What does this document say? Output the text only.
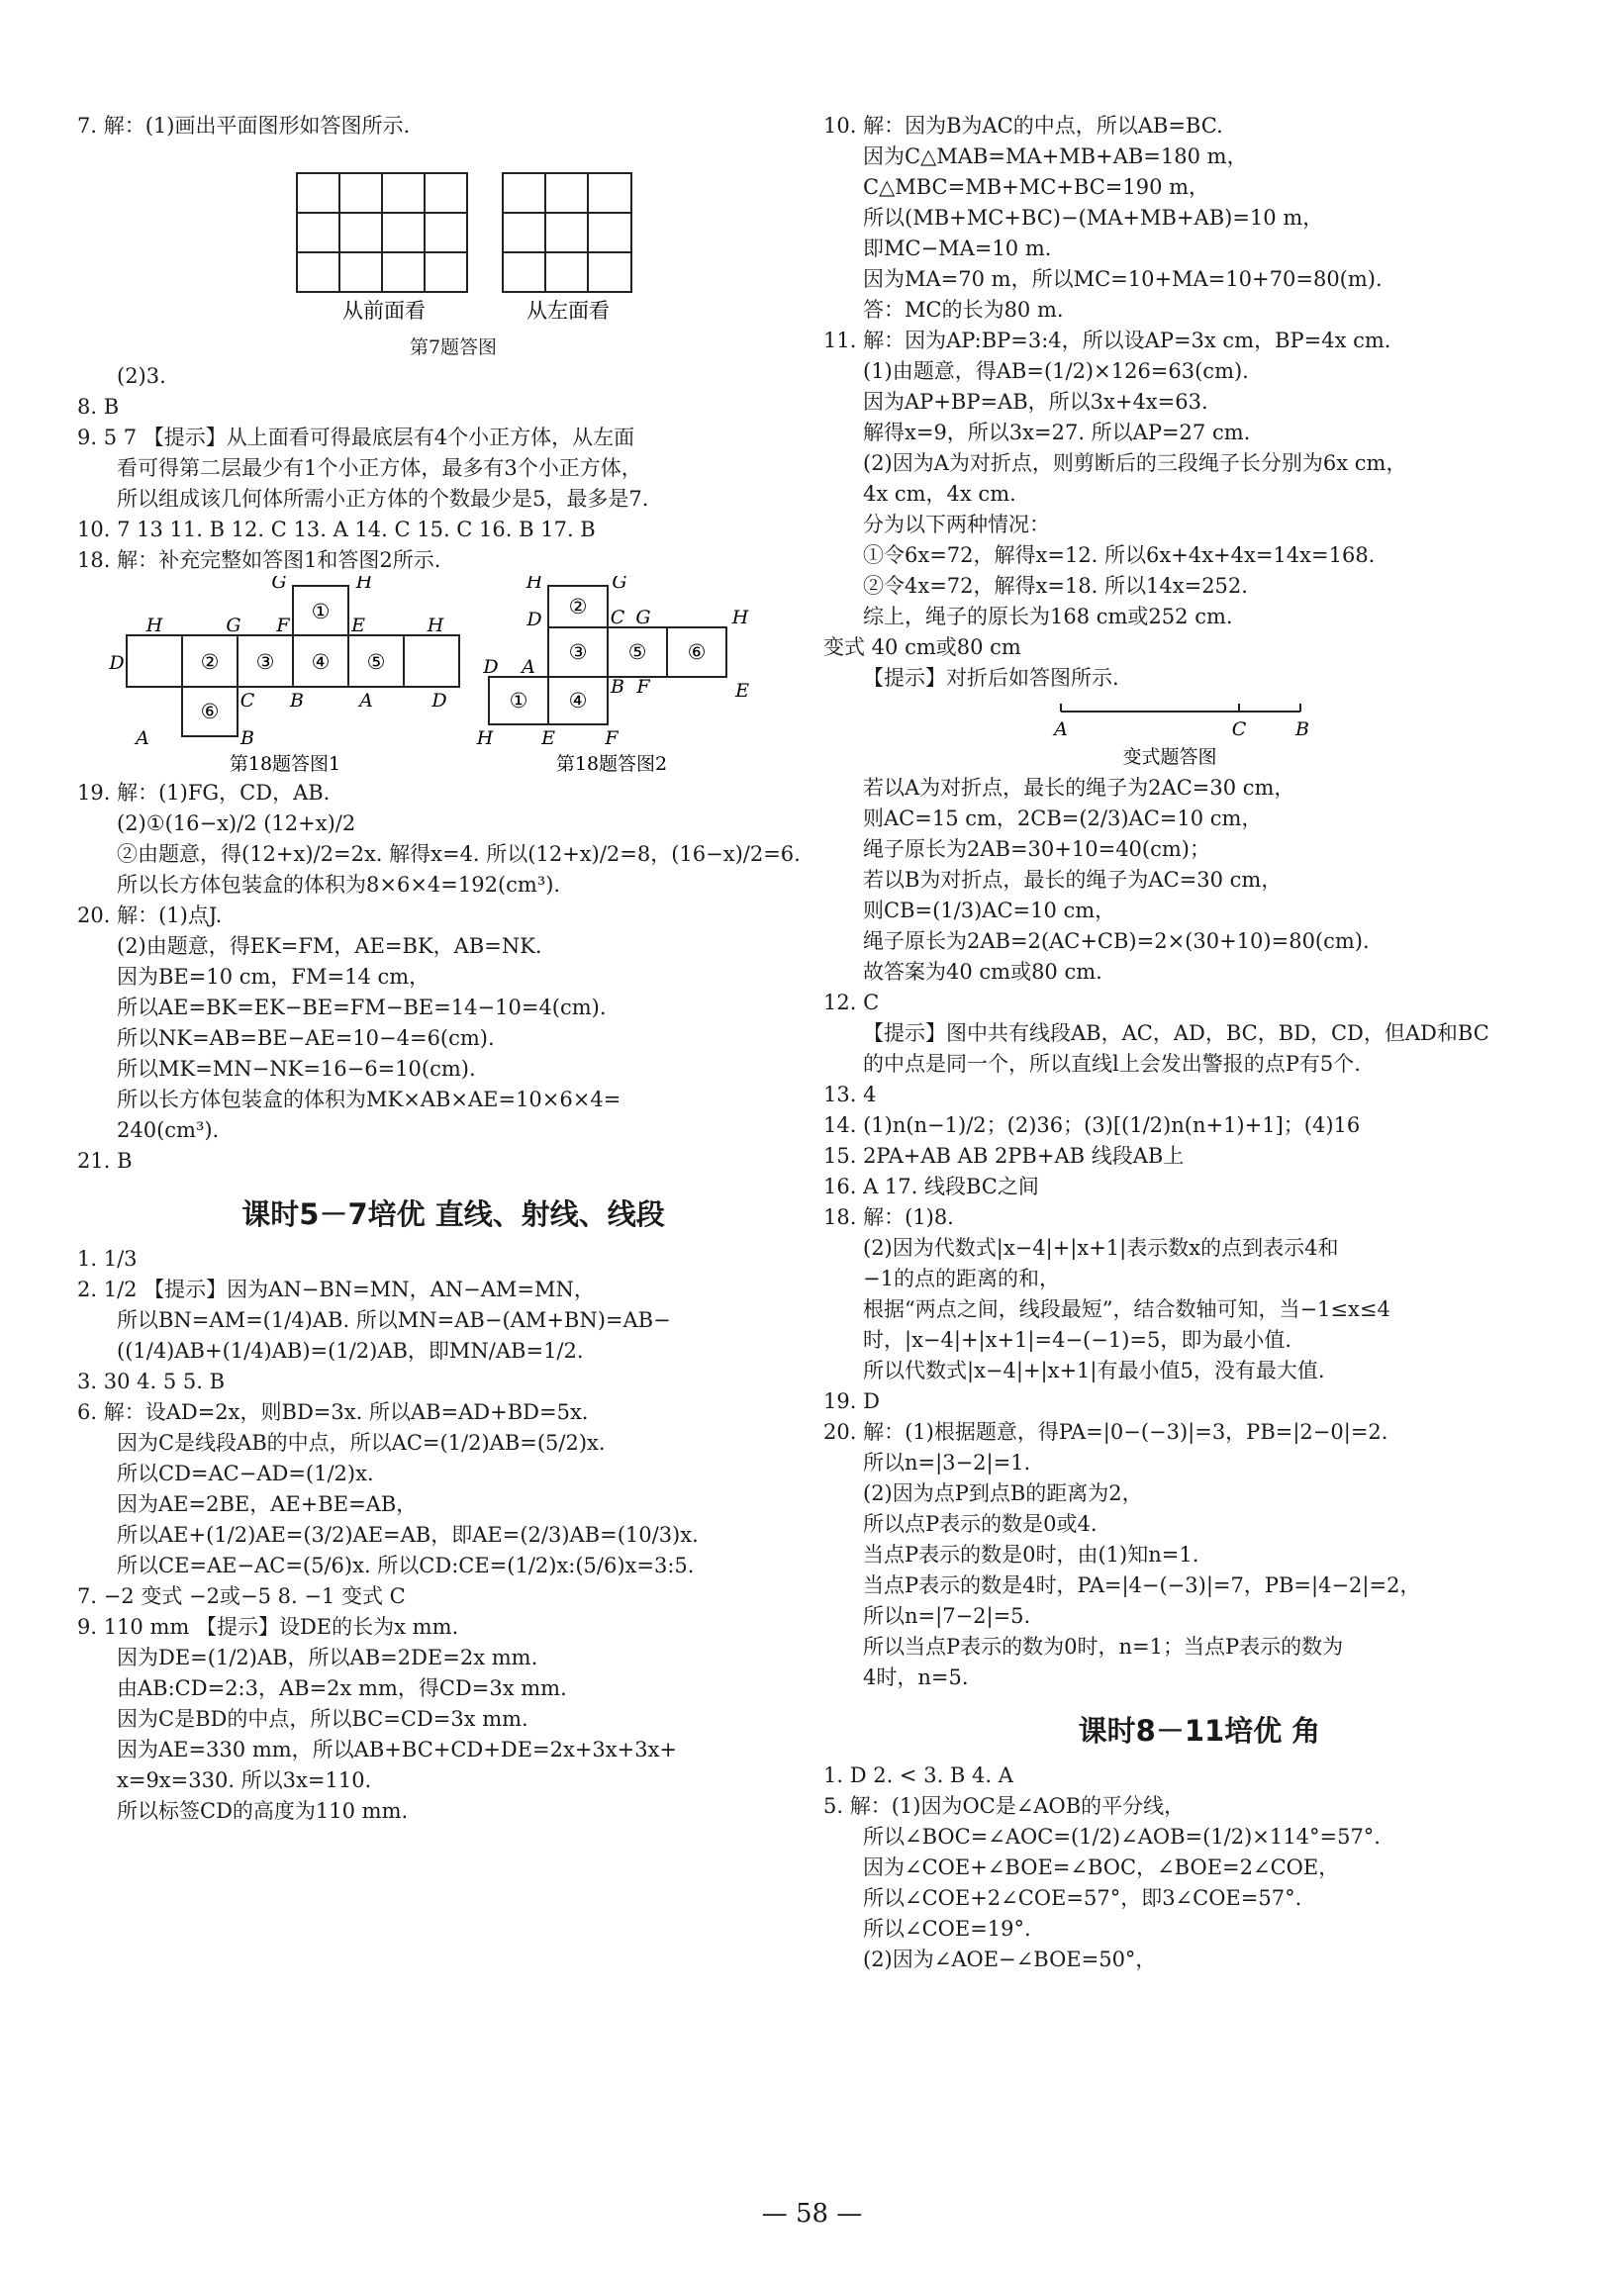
7. 解：(1)画出平面图形如答图所示.
从前面看	从左面看
第7题答图
(2)3.
8. B
9. 5 7 【提示】从上面看可得最底层有4个小正方体，从左面
看可得第二层最少有1个小正方体，最多有3个小正方体，
所以组成该几何体所需小正方体的个数最少是5，最多是7.
10. 7 13 11. B 12. C 13. A 14. C 15. C 16. B 17. B
18. 解：补充完整如答图1和答图2所示.
①
② ③ ④ ⑤
⑥
G	H
H	G F	E	H
D
C B	A	D
A	B
②
③ ⑤ ⑥
① ④
H	G
D	C G	H
D A
B F	E
H	E	F
第18题答图1	第18题答图2
19. 解：(1)FG，CD，AB.
(2)①(16−x)/2 (12+x)/2
②由题意，得(12+x)/2=2x. 解得x=4. 所以(12+x)/2=8，(16−x)/2=6.
所以长方体包装盒的体积为8×6×4=192(cm³).
20. 解：(1)点J.
(2)由题意，得EK=FM，AE=BK，AB=NK.
因为BE=10 cm，FM=14 cm，
所以AE=BK=EK−BE=FM−BE=14−10=4(cm).
所以NK=AB=BE−AE=10−4=6(cm).
所以MK=MN−NK=16−6=10(cm).
所以长方体包装盒的体积为MK×AB×AE=10×6×4=
240(cm³).
21. B
课时5－7培优 直线、射线、线段
1. 1/3
2. 1/2 【提示】因为AN−BN=MN，AN−AM=MN，
所以BN=AM=(1/4)AB. 所以MN=AB−(AM+BN)=AB−
((1/4)AB+(1/4)AB)=(1/2)AB，即MN/AB=1/2.
3. 30 4. 5 5. B
6. 解：设AD=2x，则BD=3x. 所以AB=AD+BD=5x.
因为C是线段AB的中点，所以AC=(1/2)AB=(5/2)x.
所以CD=AC−AD=(1/2)x.
因为AE=2BE，AE+BE=AB，
所以AE+(1/2)AE=(3/2)AE=AB，即AE=(2/3)AB=(10/3)x.
所以CE=AE−AC=(5/6)x. 所以CD:CE=(1/2)x:(5/6)x=3:5.
7. −2 变式 −2或−5 8. −1 变式 C
9. 110 mm 【提示】设DE的长为x mm.
因为DE=(1/2)AB，所以AB=2DE=2x mm.
由AB:CD=2:3，AB=2x mm，得CD=3x mm.
因为C是BD的中点，所以BC=CD=3x mm.
因为AE=330 mm，所以AB+BC+CD+DE=2x+3x+3x+
x=9x=330. 所以3x=110.
所以标签CD的高度为110 mm.
10. 解：因为B为AC的中点，所以AB=BC.
因为C△MAB=MA+MB+AB=180 m，
C△MBC=MB+MC+BC=190 m，
所以(MB+MC+BC)−(MA+MB+AB)=10 m，
即MC−MA=10 m.
因为MA=70 m，所以MC=10+MA=10+70=80(m).
答：MC的长为80 m.
11. 解：因为AP:BP=3:4，所以设AP=3x cm，BP=4x cm.
(1)由题意，得AB=(1/2)×126=63(cm).
因为AP+BP=AB，所以3x+4x=63.
解得x=9，所以3x=27. 所以AP=27 cm.
(2)因为A为对折点，则剪断后的三段绳子长分别为6x cm，
4x cm，4x cm.
分为以下两种情况：
①令6x=72，解得x=12. 所以6x+4x+4x=14x=168.
②令4x=72，解得x=18. 所以14x=252.
综上，绳子的原长为168 cm或252 cm.
变式 40 cm或80 cm
【提示】对折后如答图所示.
A	C	B
变式题答图
若以A为对折点，最长的绳子为2AC=30 cm，
则AC=15 cm，2CB=(2/3)AC=10 cm，
绳子原长为2AB=30+10=40(cm)；
若以B为对折点，最长的绳子为AC=30 cm，
则CB=(1/3)AC=10 cm，
绳子原长为2AB=2(AC+CB)=2×(30+10)=80(cm).
故答案为40 cm或80 cm.
12. C
【提示】图中共有线段AB，AC，AD，BC，BD，CD，但AD和BC
的中点是同一个，所以直线l上会发出警报的点P有5个.
13. 4
14. (1)n(n−1)/2；(2)36；(3)[(1/2)n(n+1)+1]；(4)16
15. 2PA+AB AB 2PB+AB 线段AB上
16. A 17. 线段BC之间
18. 解：(1)8.
(2)因为代数式|x−4|+|x+1|表示数x的点到表示4和
−1的点的距离的和，
根据“两点之间，线段最短”，结合数轴可知，当−1≤x≤4
时，|x−4|+|x+1|=4−(−1)=5，即为最小值.
所以代数式|x−4|+|x+1|有最小值5，没有最大值.
19. D
20. 解：(1)根据题意，得PA=|0−(−3)|=3，PB=|2−0|=2.
所以n=|3−2|=1.
(2)因为点P到点B的距离为2，
所以点P表示的数是0或4.
当点P表示的数是0时，由(1)知n=1.
当点P表示的数是4时，PA=|4−(−3)|=7，PB=|4−2|=2，
所以n=|7−2|=5.
所以当点P表示的数为0时，n=1；当点P表示的数为
4时，n=5.
课时8－11培优 角
1. D 2. < 3. B 4. A
5. 解：(1)因为OC是∠AOB的平分线，
所以∠BOC=∠AOC=(1/2)∠AOB=(1/2)×114°=57°.
因为∠COE+∠BOE=∠BOC，∠BOE=2∠COE，
所以∠COE+2∠COE=57°，即3∠COE=57°.
所以∠COE=19°.
(2)因为∠AOE−∠BOE=50°，
— 58 —
